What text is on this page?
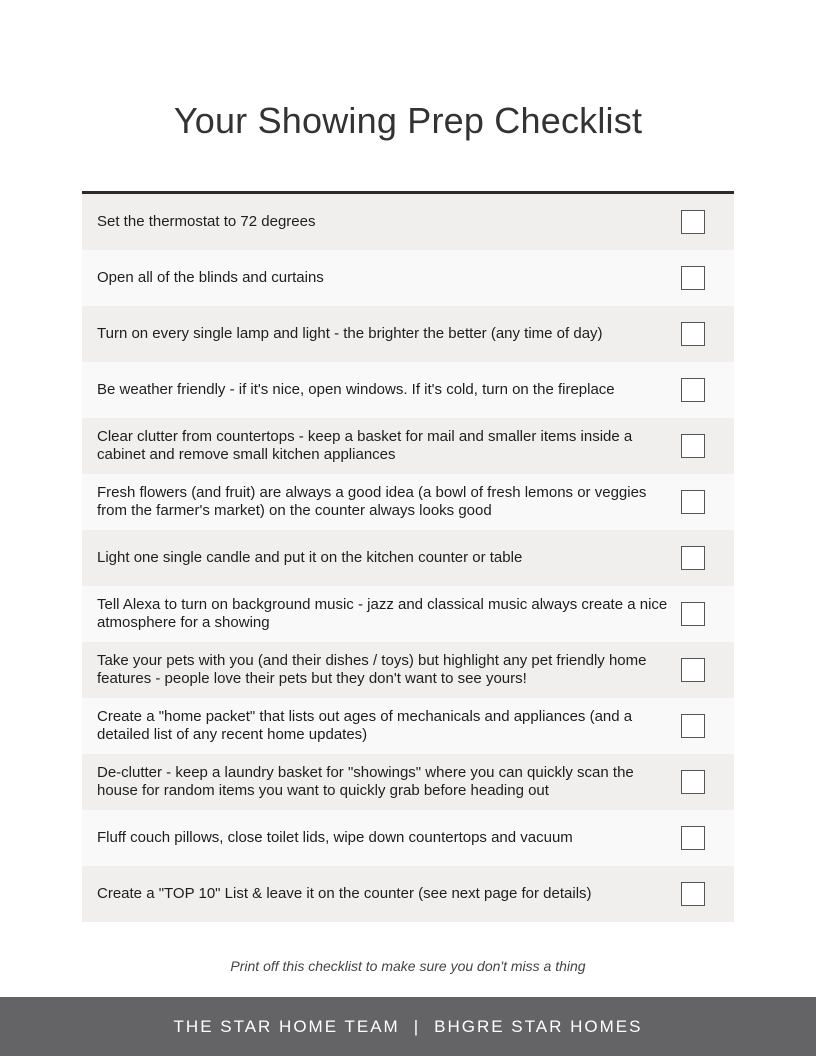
Your Showing Prep Checklist
Set the thermostat to 72 degrees
Open all of the blinds and curtains
Turn on every single lamp and light - the brighter the better (any time of day)
Be weather friendly - if it's nice, open windows. If it's cold, turn on the fireplace
Clear clutter from countertops - keep a basket for mail and smaller items inside a cabinet and remove small kitchen appliances
Fresh flowers (and fruit) are always a good idea (a bowl of fresh lemons or veggies from the farmer's market) on the counter always looks good
Light one single candle and put it on the kitchen counter or table
Tell Alexa to turn on background music - jazz and classical music always create a nice atmosphere for a showing
Take your pets with you (and their dishes / toys) but highlight any pet friendly home features - people love their pets but they don't want to see yours!
Create a "home packet" that lists out ages of mechanicals and appliances (and a detailed list of any recent home updates)
De-clutter - keep a laundry basket for "showings" where you can quickly scan the house for random items you want to quickly grab before heading out
Fluff couch pillows, close toilet lids, wipe down countertops and vacuum
Create a "TOP 10" List & leave it on the counter (see next page for details)
Print off this checklist to make sure you don't miss a thing
THE STAR HOME TEAM | BHGRE STAR HOMES
